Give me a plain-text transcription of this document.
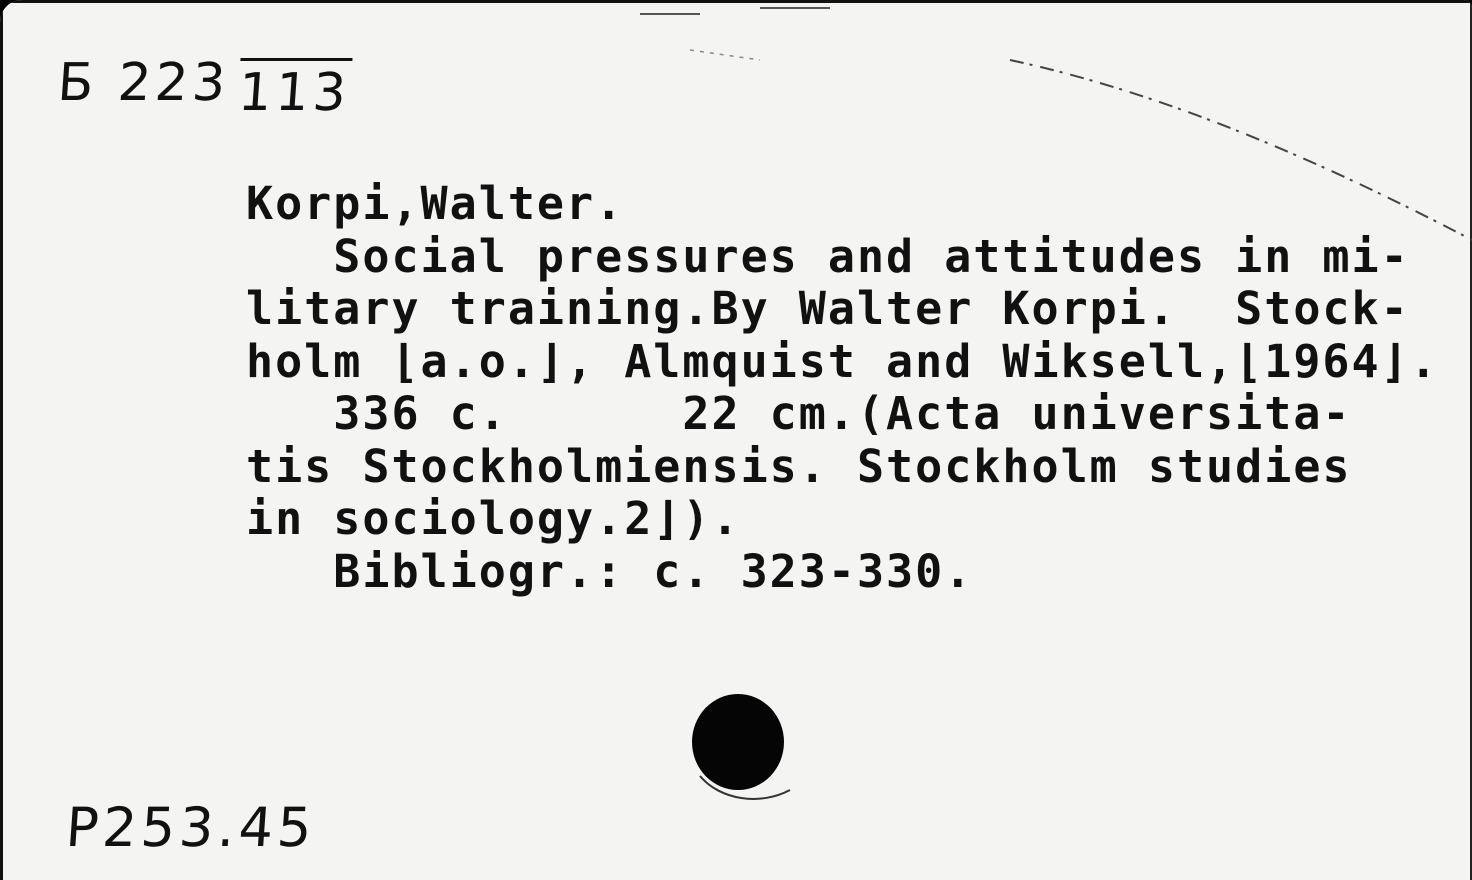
Б 223113
Korpi,Walter.
Social pressures and attitudes in mi-
litary training.By Walter Korpi.  Stock-
holm ⌊a.o.⌋, Almquist and Wiksell,⌊1964⌋.
336 c.      22 cm.(Acta universita-
tis Stockholmiensis. Stockholm studies
in sociology.2⌋).
Bibliogr.: c. 323-330.
P253.45
